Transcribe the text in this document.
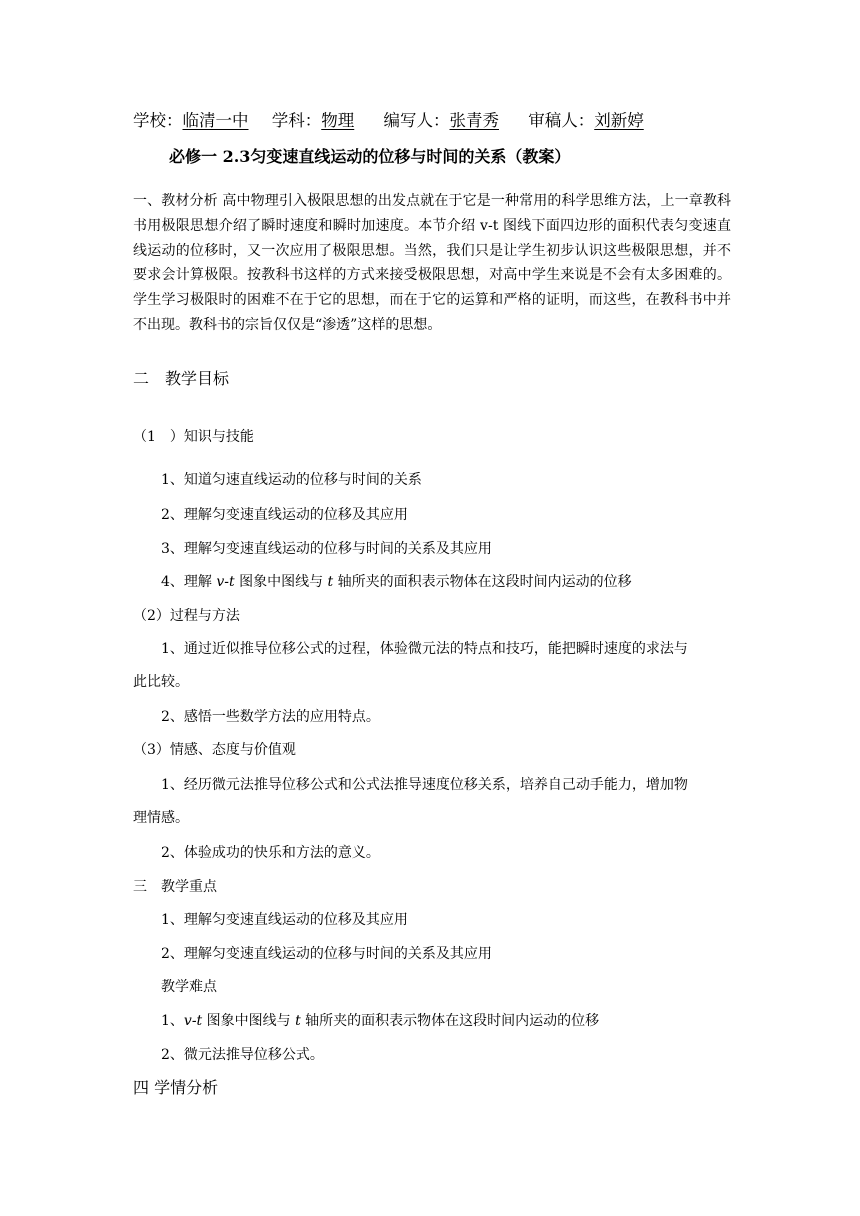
学校：临清一中 学科：物理 编写人：张青秀 审稿人：刘新婷
必修一 2.3匀变速直线运动的位移与时间的关系（教案）
一、教材分析 高中物理引入极限思想的出发点就在于它是一种常用的科学思维方法，上一章教科书用极限思想介绍了瞬时速度和瞬时加速度。本节介绍 v-t 图线下面四边形的面积代表匀变速直线运动的位移时，又一次应用了极限思想。当然，我们只是让学生初步认识这些极限思想，并不要求会计算极限。按教科书这样的方式来接受极限思想，对高中学生来说是不会有太多困难的。学生学习极限时的困难不在于它的思想，而在于它的运算和严格的证明，而这些，在教科书中并不出现。教科书的宗旨仅仅是“渗透”这样的思想。
二　教学目标
（1　）知识与技能
1、知道匀速直线运动的位移与时间的关系
2、理解匀变速直线运动的位移及其应用
3、理解匀变速直线运动的位移与时间的关系及其应用
4、理解 v-t 图象中图线与 t 轴所夹的面积表示物体在这段时间内运动的位移
（2）过程与方法
1、通过近似推导位移公式的过程，体验微元法的特点和技巧，能把瞬时速度的求法与
此比较。
2、感悟一些数学方法的应用特点。
（3）情感、态度与价值观
1、经历微元法推导位移公式和公式法推导速度位移关系，培养自己动手能力，增加物
理情感。
2、体验成功的快乐和方法的意义。
三　教学重点
1、理解匀变速直线运动的位移及其应用
2、理解匀变速直线运动的位移与时间的关系及其应用
教学难点
1、v-t 图象中图线与 t 轴所夹的面积表示物体在这段时间内运动的位移
2、微元法推导位移公式。
四 学情分析
